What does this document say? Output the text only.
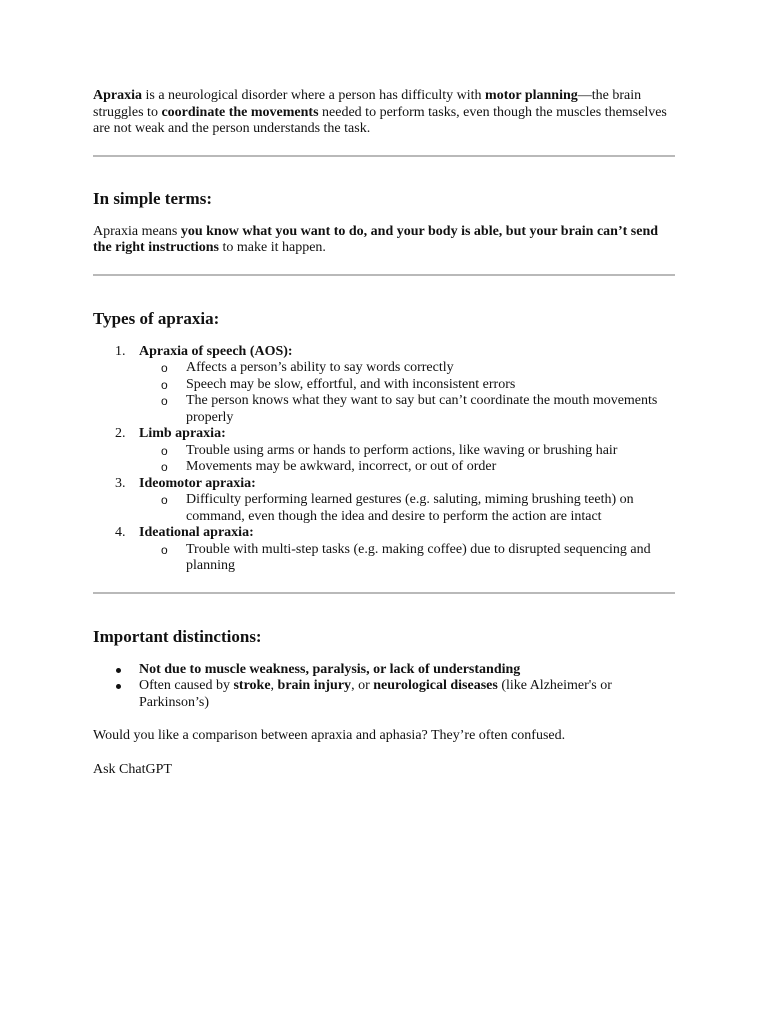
Apraxia is a neurological disorder where a person has difficulty with motor planning—the brain struggles to coordinate the movements needed to perform tasks, even though the muscles themselves are not weak and the person understands the task.

In simple terms:

Apraxia means you know what you want to do, and your body is able, but your brain can’t send the right instructions to make it happen.

Types of apraxia:
1. Apraxia of speech (AOS):
o Affects a person’s ability to say words correctly
o Speech may be slow, effortful, and with inconsistent errors
o The person knows what they want to say but can’t coordinate the mouth movements properly
2. Limb apraxia:
o Trouble using arms or hands to perform actions, like waving or brushing hair
o Movements may be awkward, incorrect, or out of order
3. Ideomotor apraxia:
o Difficulty performing learned gestures (e.g. saluting, miming brushing teeth) on command, even though the idea and desire to perform the action are intact
4. Ideational apraxia:
o Trouble with multi-step tasks (e.g. making coffee) due to disrupted sequencing and planning
Important distinctions:
Not due to muscle weakness, paralysis, or lack of understanding
Often caused by stroke, brain injury, or neurological diseases (like Alzheimer's or Parkinson’s)

Would you like a comparison between apraxia and aphasia? They’re often confused.

Ask ChatGPT
